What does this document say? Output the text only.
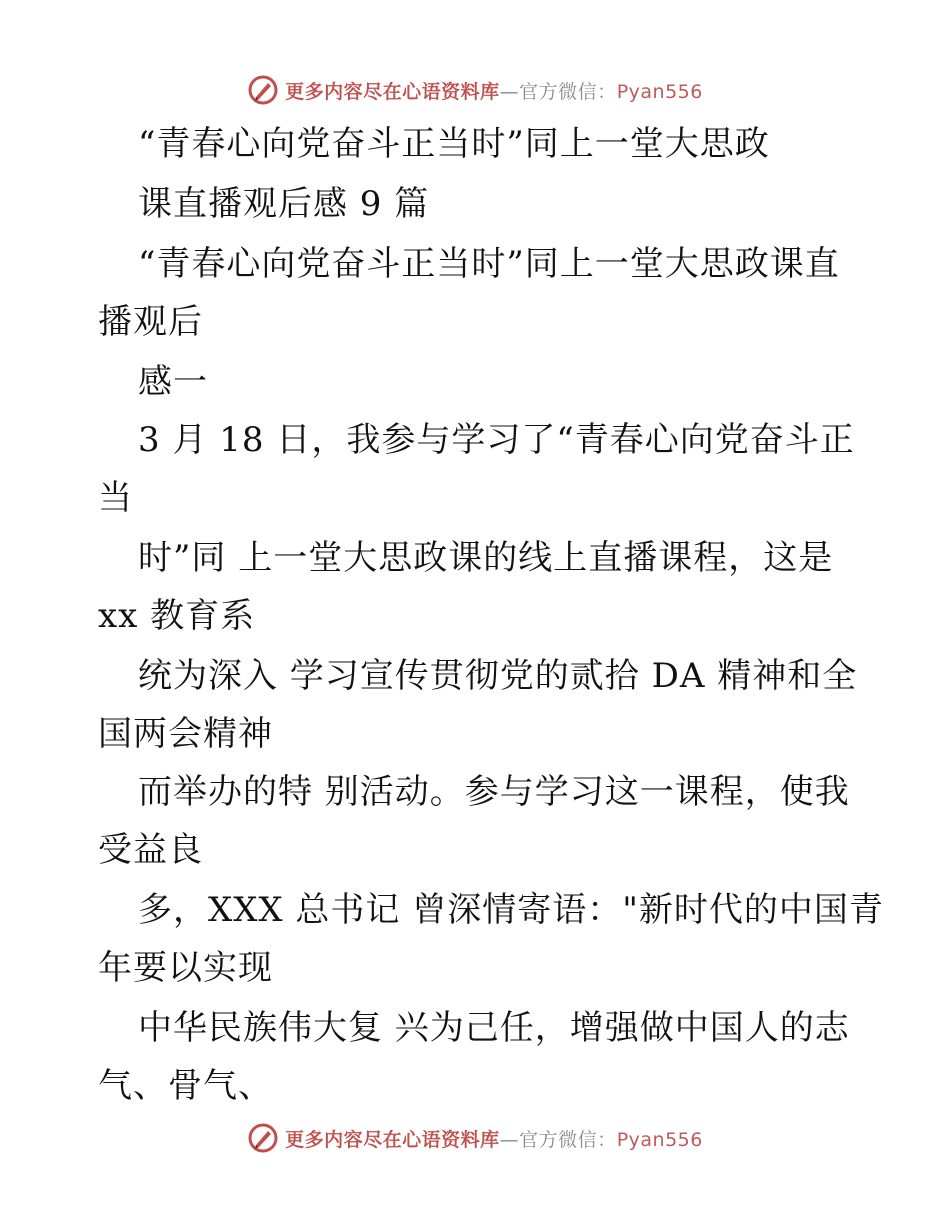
更多内容尽在心语资料库—官方微信：Pyan556
“青春心向党奋斗正当时”同上一堂大思政
课直播观后感 9 篇
“青春心向党奋斗正当时”同上一堂大思政课直
播观后
感一
3 月 18 日，我参与学习了“青春心向党奋斗正
当
时”同 上一堂大思政课的线上直播课程，这是
xx 教育系
统为深入 学习宣传贯彻党的贰拾 DA 精神和全
国两会精神
而举办的特 别活动。参与学习这一课程，使我
受益良
多，XXX 总书记 曾深情寄语："新时代的中国青
年要以实现
中华民族伟大复 兴为己任，增强做中国人的志
气、骨气、
更多内容尽在心语资料库—官方微信：Pyan556
